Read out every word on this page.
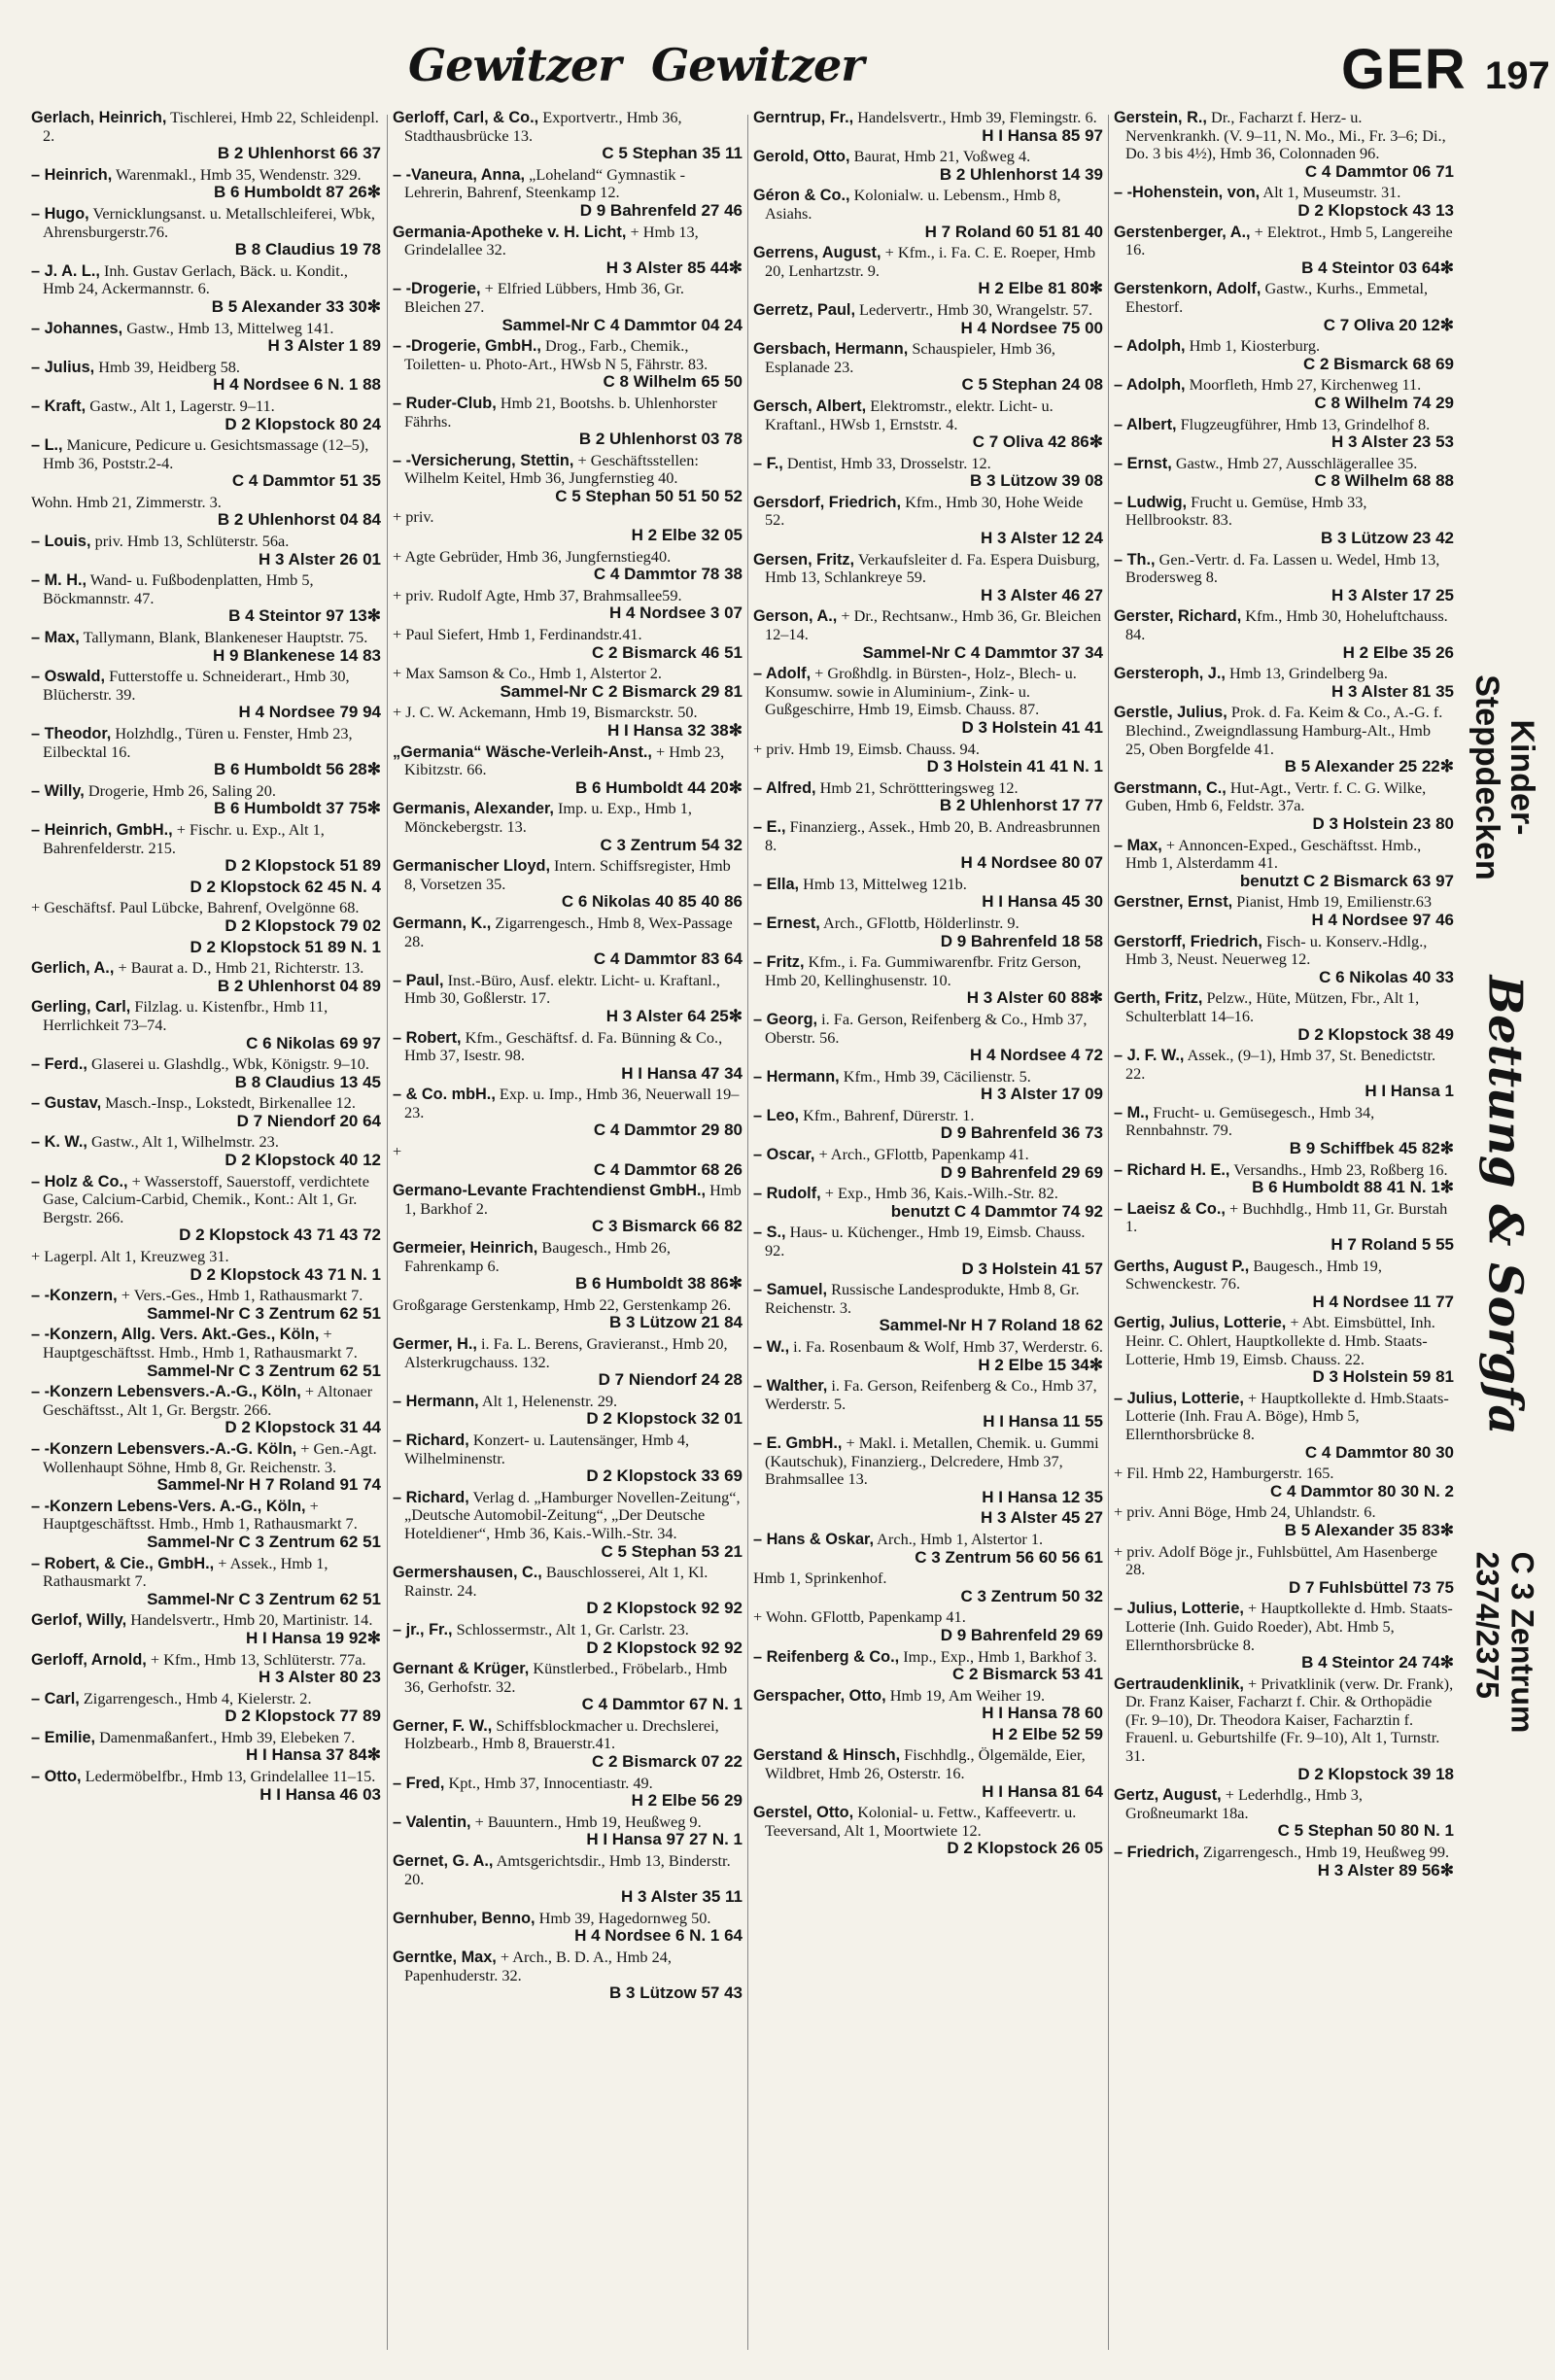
Gewitzer Gewitzer	GER 197
Gerlach, Heinrich, Tischlerei, Hmb 22, Schleidenpl. 2.
B 2 Uhlenhorst 66 37
– Heinrich, Warenmakl., Hmb 35, Wendenstr. 329.
B 6 Humboldt 87 26✻
– Hugo, Vernicklungsanst. u. Metallschleiferei, Wbk, Ahrensburgerstr.76.
B 8 Claudius 19 78
– J. A. L., Inh. Gustav Gerlach, Bäck. u. Kondit., Hmb 24, Ackermannstr. 6.
B 5 Alexander 33 30✻
– Johannes, Gastw., Hmb 13, Mittelweg 141.
H 3 Alster 1 89
– Julius, Hmb 39, Heidberg 58.
H 4 Nordsee 6 N. 1 88
– Kraft, Gastw., Alt 1, Lagerstr. 9–11.
D 2 Klopstock 80 24
– L., Manicure, Pedicure u. Gesichtsmassage (12–5), Hmb 36, Poststr.2-4.
C 4 Dammtor 51 35
Wohn. Hmb 21, Zimmerstr. 3.
B 2 Uhlenhorst 04 84
– Louis, priv. Hmb 13, Schlüterstr. 56a.
H 3 Alster 26 01
– M. H., Wand- u. Fußbodenplatten, Hmb 5, Böckmannstr. 47.
B 4 Steintor 97 13✻
– Max, Tallymann, Blank, Blankeneser Hauptstr. 75.
H 9 Blankenese 14 83
– Oswald, Futterstoffe u. Schneiderart., Hmb 30, Blücherstr. 39.
H 4 Nordsee 79 94
– Theodor, Holzhdlg., Türen u. Fenster, Hmb 23, Eilbecktal 16.
B 6 Humboldt 56 28✻
– Willy, Drogerie, Hmb 26, Saling 20.
B 6 Humboldt 37 75✻
– Heinrich, GmbH., + Fischr. u. Exp., Alt 1, Bahrenfelderstr. 215.
D 2 Klopstock 51 89
D 2 Klopstock 62 45 N. 4
+ Geschäftsf. Paul Lübcke, Bahrenf, Ovelgönne 68.
D 2 Klopstock 79 02
D 2 Klopstock 51 89 N. 1
Gerlich, A., + Baurat a. D., Hmb 21, Richterstr. 13.
B 2 Uhlenhorst 04 89
Gerling, Carl, Filzlag. u. Kistenfbr., Hmb 11, Herrlichkeit 73–74.
C 6 Nikolas 69 97
– Ferd., Glaserei u. Glashdlg., Wbk, Königstr. 9–10.
B 8 Claudius 13 45
– Gustav, Masch.-Insp., Lokstedt, Birkenallee 12.
D 7 Niendorf 20 64
– K. W., Gastw., Alt 1, Wilhelmstr. 23.
D 2 Klopstock 40 12
– Holz & Co., + Wasserstoff, Sauerstoff, verdichtete Gase, Calcium-Carbid, Chemik., Kont.: Alt 1, Gr. Bergstr. 266.
D 2 Klopstock 43 71 43 72
+ Lagerpl. Alt 1, Kreuzweg 31.
D 2 Klopstock 43 71 N. 1
– -Konzern, + Vers.-Ges., Hmb 1, Rathausmarkt 7.
Sammel-Nr C 3 Zentrum 62 51
– -Konzern, Allg. Vers. Akt.-Ges., Köln, + Hauptgeschäftsst. Hmb., Hmb 1, Rathausmarkt 7.
Sammel-Nr C 3 Zentrum 62 51
– -Konzern Lebensvers.-A.-G., Köln, + Altonaer Geschäftsst., Alt 1, Gr. Bergstr. 266.
D 2 Klopstock 31 44
– -Konzern Lebensvers.-A.-G. Köln, + Gen.-Agt. Wollenhaupt Söhne, Hmb 8, Gr. Reichenstr. 3.
Sammel-Nr H 7 Roland 91 74
– -Konzern Lebens-Vers. A.-G., Köln, + Hauptgeschäftsst. Hmb., Hmb 1, Rathausmarkt 7.
Sammel-Nr C 3 Zentrum 62 51
– Robert, & Cie., GmbH., + Assek., Hmb 1, Rathausmarkt 7.
Sammel-Nr C 3 Zentrum 62 51
Gerlof, Willy, Handelsvertr., Hmb 20, Martinistr. 14.
H I Hansa 19 92✻
Gerloff, Arnold, + Kfm., Hmb 13, Schlüterstr. 77a.
H 3 Alster 80 23
– Carl, Zigarrengesch., Hmb 4, Kielerstr. 2.
D 2 Klopstock 77 89
– Emilie, Damenmaßanfert., Hmb 39, Elebeken 7.
H I Hansa 37 84✻
– Otto, Ledermöbelfbr., Hmb 13, Grindelallee 11–15.
H I Hansa 46 03
Gerloff, Carl, & Co., Exportvertr., Hmb 36, Stadthausbrücke 13.
C 5 Stephan 35 11
– -Vaneura, Anna, „Loheland“ Gymnastik - Lehrerin, Bahrenf, Steenkamp 12.
D 9 Bahrenfeld 27 46
Germania-Apotheke v. H. Licht, + Hmb 13, Grindelallee 32.
H 3 Alster 85 44✻
– -Drogerie, + Elfried Lübbers, Hmb 36, Gr. Bleichen 27.
Sammel-Nr C 4 Dammtor 04 24
– -Drogerie, GmbH., Drog., Farb., Chemik., Toiletten- u. Photo-Art., HWsb N 5, Fährstr. 83.
C 8 Wilhelm 65 50
– Ruder-Club, Hmb 21, Bootshs. b. Uhlenhorster Fährhs.
B 2 Uhlenhorst 03 78
– -Versicherung, Stettin, + Geschäftsstellen: Wilhelm Keitel, Hmb 36, Jungfernstieg 40.
C 5 Stephan 50 51 50 52
+ priv.
H 2 Elbe 32 05
+ Agte Gebrüder, Hmb 36, Jungfernstieg40.
C 4 Dammtor 78 38
+ priv. Rudolf Agte, Hmb 37, Brahmsallee59.
H 4 Nordsee 3 07
+ Paul Siefert, Hmb 1, Ferdinandstr.41.
C 2 Bismarck 46 51
+ Max Samson & Co., Hmb 1, Alstertor 2.
Sammel-Nr C 2 Bismarck 29 81
+ J. C. W. Ackemann, Hmb 19, Bismarckstr. 50.
H I Hansa 32 38✻
„Germania“ Wäsche-Verleih-Anst., + Hmb 23, Kibitzstr. 66.
B 6 Humboldt 44 20✻
Germanis, Alexander, Imp. u. Exp., Hmb 1, Mönckebergstr. 13.
C 3 Zentrum 54 32
Germanischer Lloyd, Intern. Schiffsregister, Hmb 8, Vorsetzen 35.
C 6 Nikolas 40 85 40 86
Germann, K., Zigarrengesch., Hmb 8, Wex-Passage 28.
C 4 Dammtor 83 64
– Paul, Inst.-Büro, Ausf. elektr. Licht- u. Kraftanl., Hmb 30, Goßlerstr. 17.
H 3 Alster 64 25✻
– Robert, Kfm., Geschäftsf. d. Fa. Bünning & Co., Hmb 37, Isestr. 98.
H I Hansa 47 34
– & Co. mbH., Exp. u. Imp., Hmb 36, Neuerwall 19–23.
C 4 Dammtor 29 80
+
C 4 Dammtor 68 26
Germano-Levante Frachtendienst GmbH., Hmb 1, Barkhof 2.
C 3 Bismarck 66 82
Germeier, Heinrich, Baugesch., Hmb 26, Fahrenkamp 6.
B 6 Humboldt 38 86✻
Großgarage Gerstenkamp, Hmb 22, Gerstenkamp 26.
B 3 Lützow 21 84
Germer, H., i. Fa. L. Berens, Gravieranst., Hmb 20, Alsterkrugchauss. 132.
D 7 Niendorf 24 28
– Hermann, Alt 1, Helenenstr. 29.
D 2 Klopstock 32 01
– Richard, Konzert- u. Lautensänger, Hmb 4, Wilhelminenstr.
D 2 Klopstock 33 69
– Richard, Verlag d. „Hamburger Novellen-Zeitung“, „Deutsche Automobil-Zeitung“, „Der Deutsche Hoteldiener“, Hmb 36, Kais.-Wilh.-Str. 34.
C 5 Stephan 53 21
Germershausen, C., Bauschlosserei, Alt 1, Kl. Rainstr. 24.
D 2 Klopstock 92 92
– jr., Fr., Schlossermstr., Alt 1, Gr. Carlstr. 23.
D 2 Klopstock 92 92
Gernant & Krüger, Künstlerbed., Fröbelarb., Hmb 36, Gerhofstr. 32.
C 4 Dammtor 67 N. 1
Gerner, F. W., Schiffsblockmacher u. Drechslerei, Holzbearb., Hmb 8, Brauerstr.41.
C 2 Bismarck 07 22
– Fred, Kpt., Hmb 37, Innocentiastr. 49.
H 2 Elbe 56 29
– Valentin, + Bauuntern., Hmb 19, Heußweg 9.
H I Hansa 97 27 N. 1
Gernet, G. A., Amtsgerichtsdir., Hmb 13, Binderstr. 20.
H 3 Alster 35 11
Gernhuber, Benno, Hmb 39, Hagedornweg 50.
H 4 Nordsee 6 N. 1 64
Gerntke, Max, + Arch., B. D. A., Hmb 24, Papenhuderstr. 32.
B 3 Lützow 57 43
Gerntrup, Fr., Handelsvertr., Hmb 39, Flemingstr. 6.
H I Hansa 85 97
Gerold, Otto, Baurat, Hmb 21, Voßweg 4.
B 2 Uhlenhorst 14 39
Géron & Co., Kolonialw. u. Lebensm., Hmb 8, Asiahs.
H 7 Roland 60 51 81 40
Gerrens, August, + Kfm., i. Fa. C. E. Roeper, Hmb 20, Lenhartzstr. 9.
H 2 Elbe 81 80✻
Gerretz, Paul, Ledervertr., Hmb 30, Wrangelstr. 57.
H 4 Nordsee 75 00
Gersbach, Hermann, Schauspieler, Hmb 36, Esplanade 23.
C 5 Stephan 24 08
Gersch, Albert, Elektromstr., elektr. Licht- u. Kraftanl., HWsb 1, Ernststr. 4.
C 7 Oliva 42 86✻
– F., Dentist, Hmb 33, Drosselstr. 12.
B 3 Lützow 39 08
Gersdorf, Friedrich, Kfm., Hmb 30, Hohe Weide 52.
H 3 Alster 12 24
Gersen, Fritz, Verkaufsleiter d. Fa. Espera Duisburg, Hmb 13, Schlankreye 59.
H 3 Alster 46 27
Gerson, A., + Dr., Rechtsanw., Hmb 36, Gr. Bleichen 12–14.
Sammel-Nr C 4 Dammtor 37 34
– Adolf, + Großhdlg. in Bürsten-, Holz-, Blech- u. Konsumw. sowie in Aluminium-, Zink- u. Gußgeschirre, Hmb 19, Eimsb. Chauss. 87.
D 3 Holstein 41 41
+ priv. Hmb 19, Eimsb. Chauss. 94.
D 3 Holstein 41 41 N. 1
– Alfred, Hmb 21, Schröttteringsweg 12.
B 2 Uhlenhorst 17 77
– E., Finanzierg., Assek., Hmb 20, B. Andreasbrunnen 8.
H 4 Nordsee 80 07
– Ella, Hmb 13, Mittelweg 121b.
H I Hansa 45 30
– Ernest, Arch., GFlottb, Hölderlinstr. 9.
D 9 Bahrenfeld 18 58
– Fritz, Kfm., i. Fa. Gummiwarenfbr. Fritz Gerson, Hmb 20, Kellinghusenstr. 10.
H 3 Alster 60 88✻
– Georg, i. Fa. Gerson, Reifenberg & Co., Hmb 37, Oberstr. 56.
H 4 Nordsee 4 72
– Hermann, Kfm., Hmb 39, Cäcilienstr. 5.
H 3 Alster 17 09
– Leo, Kfm., Bahrenf, Dürerstr. 1.
D 9 Bahrenfeld 36 73
– Oscar, + Arch., GFlottb, Papenkamp 41.
D 9 Bahrenfeld 29 69
– Rudolf, + Exp., Hmb 36, Kais.-Wilh.-Str. 82.
benutzt C 4 Dammtor 74 92
– S., Haus- u. Küchenger., Hmb 19, Eimsb. Chauss. 92.
D 3 Holstein 41 57
– Samuel, Russische Landesprodukte, Hmb 8, Gr. Reichenstr. 3.
Sammel-Nr H 7 Roland 18 62
– W., i. Fa. Rosenbaum & Wolf, Hmb 37, Werderstr. 6.
H 2 Elbe 15 34✻
– Walther, i. Fa. Gerson, Reifenberg & Co., Hmb 37, Werderstr. 5.
H I Hansa 11 55
– E. GmbH., + Makl. i. Metallen, Chemik. u. Gummi (Kautschuk), Finanzierg., Delcredere, Hmb 37, Brahmsallee 13.
H I Hansa 12 35
H 3 Alster 45 27
– Hans & Oskar, Arch., Hmb 1, Alstertor 1.
C 3 Zentrum 56 60 56 61
Hmb 1, Sprinkenhof.
C 3 Zentrum 50 32
+ Wohn. GFlottb, Papenkamp 41.
D 9 Bahrenfeld 29 69
– Reifenberg & Co., Imp., Exp., Hmb 1, Barkhof 3.
C 2 Bismarck 53 41
Gerspacher, Otto, Hmb 19, Am Weiher 19.
H I Hansa 78 60
H 2 Elbe 52 59
Gerstand & Hinsch, Fischhdlg., Ölgemälde, Eier, Wildbret, Hmb 26, Osterstr. 16.
H I Hansa 81 64
Gerstel, Otto, Kolonial- u. Fettw., Kaffeevertr. u. Teeversand, Alt 1, Moortwiete 12.
D 2 Klopstock 26 05
Gerstein, R., Dr., Facharzt f. Herz- u. Nervenkrankh. (V. 9–11, N. Mo., Mi., Fr. 3–6; Di., Do. 3 bis 4½), Hmb 36, Colonnaden 96.
C 4 Dammtor 06 71
– -Hohenstein, von, Alt 1, Museumstr. 31.
D 2 Klopstock 43 13
Gerstenberger, A., + Elektrot., Hmb 5, Langereihe 16.
B 4 Steintor 03 64✻
Gerstenkorn, Adolf, Gastw., Kurhs., Emmetal, Ehestorf.
C 7 Oliva 20 12✻
– Adolph, Hmb 1, Kiosterburg.
C 2 Bismarck 68 69
– Adolph, Moorfleth, Hmb 27, Kirchenweg 11.
C 8 Wilhelm 74 29
– Albert, Flugzeugführer, Hmb 13, Grindelhof 8.
H 3 Alster 23 53
– Ernst, Gastw., Hmb 27, Ausschlägerallee 35.
C 8 Wilhelm 68 88
– Ludwig, Frucht u. Gemüse, Hmb 33, Hellbrookstr. 83.
B 3 Lützow 23 42
– Th., Gen.-Vertr. d. Fa. Lassen u. Wedel, Hmb 13, Brodersweg 8.
H 3 Alster 17 25
Gerster, Richard, Kfm., Hmb 30, Hoheluftchauss. 84.
H 2 Elbe 35 26
Gersteroph, J., Hmb 13, Grindelberg 9a.
H 3 Alster 81 35
Gerstle, Julius, Prok. d. Fa. Keim & Co., A.-G. f. Blechind., Zweigndlassung Hamburg-Alt., Hmb 25, Oben Borgfelde 41.
B 5 Alexander 25 22✻
Gerstmann, C., Hut-Agt., Vertr. f. C. G. Wilke, Guben, Hmb 6, Feldstr. 37a.
D 3 Holstein 23 80
– Max, + Annoncen-Exped., Geschäftsst. Hmb., Hmb 1, Alsterdamm 41.
benutzt C 2 Bismarck 63 97
Gerstner, Ernst, Pianist, Hmb 19, Emilienstr.63
H 4 Nordsee 97 46
Gerstorff, Friedrich, Fisch- u. Konserv.-Hdlg., Hmb 3, Neust. Neuerweg 12.
C 6 Nikolas 40 33
Gerth, Fritz, Pelzw., Hüte, Mützen, Fbr., Alt 1, Schulterblatt 14–16.
D 2 Klopstock 38 49
– J. F. W., Assek., (9–1), Hmb 37, St. Benedictstr. 22.
H I Hansa 1
– M., Frucht- u. Gemüsegesch., Hmb 34, Rennbahnstr. 79.
B 9 Schiffbek 45 82✻
– Richard H. E., Versandhs., Hmb 23, Roßberg 16.
B 6 Humboldt 88 41 N. 1✻
– Laeisz & Co., + Buchhdlg., Hmb 11, Gr. Burstah 1.
H 7 Roland 5 55
Gerths, August P., Baugesch., Hmb 19, Schwenckestr. 76.
H 4 Nordsee 11 77
Gertig, Julius, Lotterie, + Abt. Eimsbüttel, Inh. Heinr. C. Ohlert, Hauptkollekte d. Hmb. Staats-Lotterie, Hmb 19, Eimsb. Chauss. 22.
D 3 Holstein 59 81
– Julius, Lotterie, + Hauptkollekte d. Hmb.Staats-Lotterie (Inh. Frau A. Böge), Hmb 5, Ellernthorsbrücke 8.
C 4 Dammtor 80 30
+ Fil. Hmb 22, Hamburgerstr. 165.
C 4 Dammtor 80 30 N. 2
+ priv. Anni Böge, Hmb 24, Uhlandstr. 6.
B 5 Alexander 35 83✻
+ priv. Adolf Böge jr., Fuhlsbüttel, Am Hasenberge 28.
D 7 Fuhlsbüttel 73 75
– Julius, Lotterie, + Hauptkollekte d. Hmb. Staats-Lotterie (Inh. Guido Roeder), Abt. Hmb 5, Ellernthorsbrücke 8.
B 4 Steintor 24 74✻
Gertraudenklinik, + Privatklinik (verw. Dr. Frank), Dr. Franz Kaiser, Facharzt f. Chir. & Orthopädie (Fr. 9–10), Dr. Theodora Kaiser, Facharztin f. Frauenl. u. Geburtshilfe (Fr. 9–10), Alt 1, Turnstr. 31.
D 2 Klopstock 39 18
Gertz, August, + Lederhdlg., Hmb 3, Großneumarkt 18a.
C 5 Stephan 50 80 N. 1
– Friedrich, Zigarrengesch., Hmb 19, Heußweg 99.
H 3 Alster 89 56✻
Kinder-
Steppdecken
Bettung & Sorgfa
C 3 Zentrum
2374/2375
